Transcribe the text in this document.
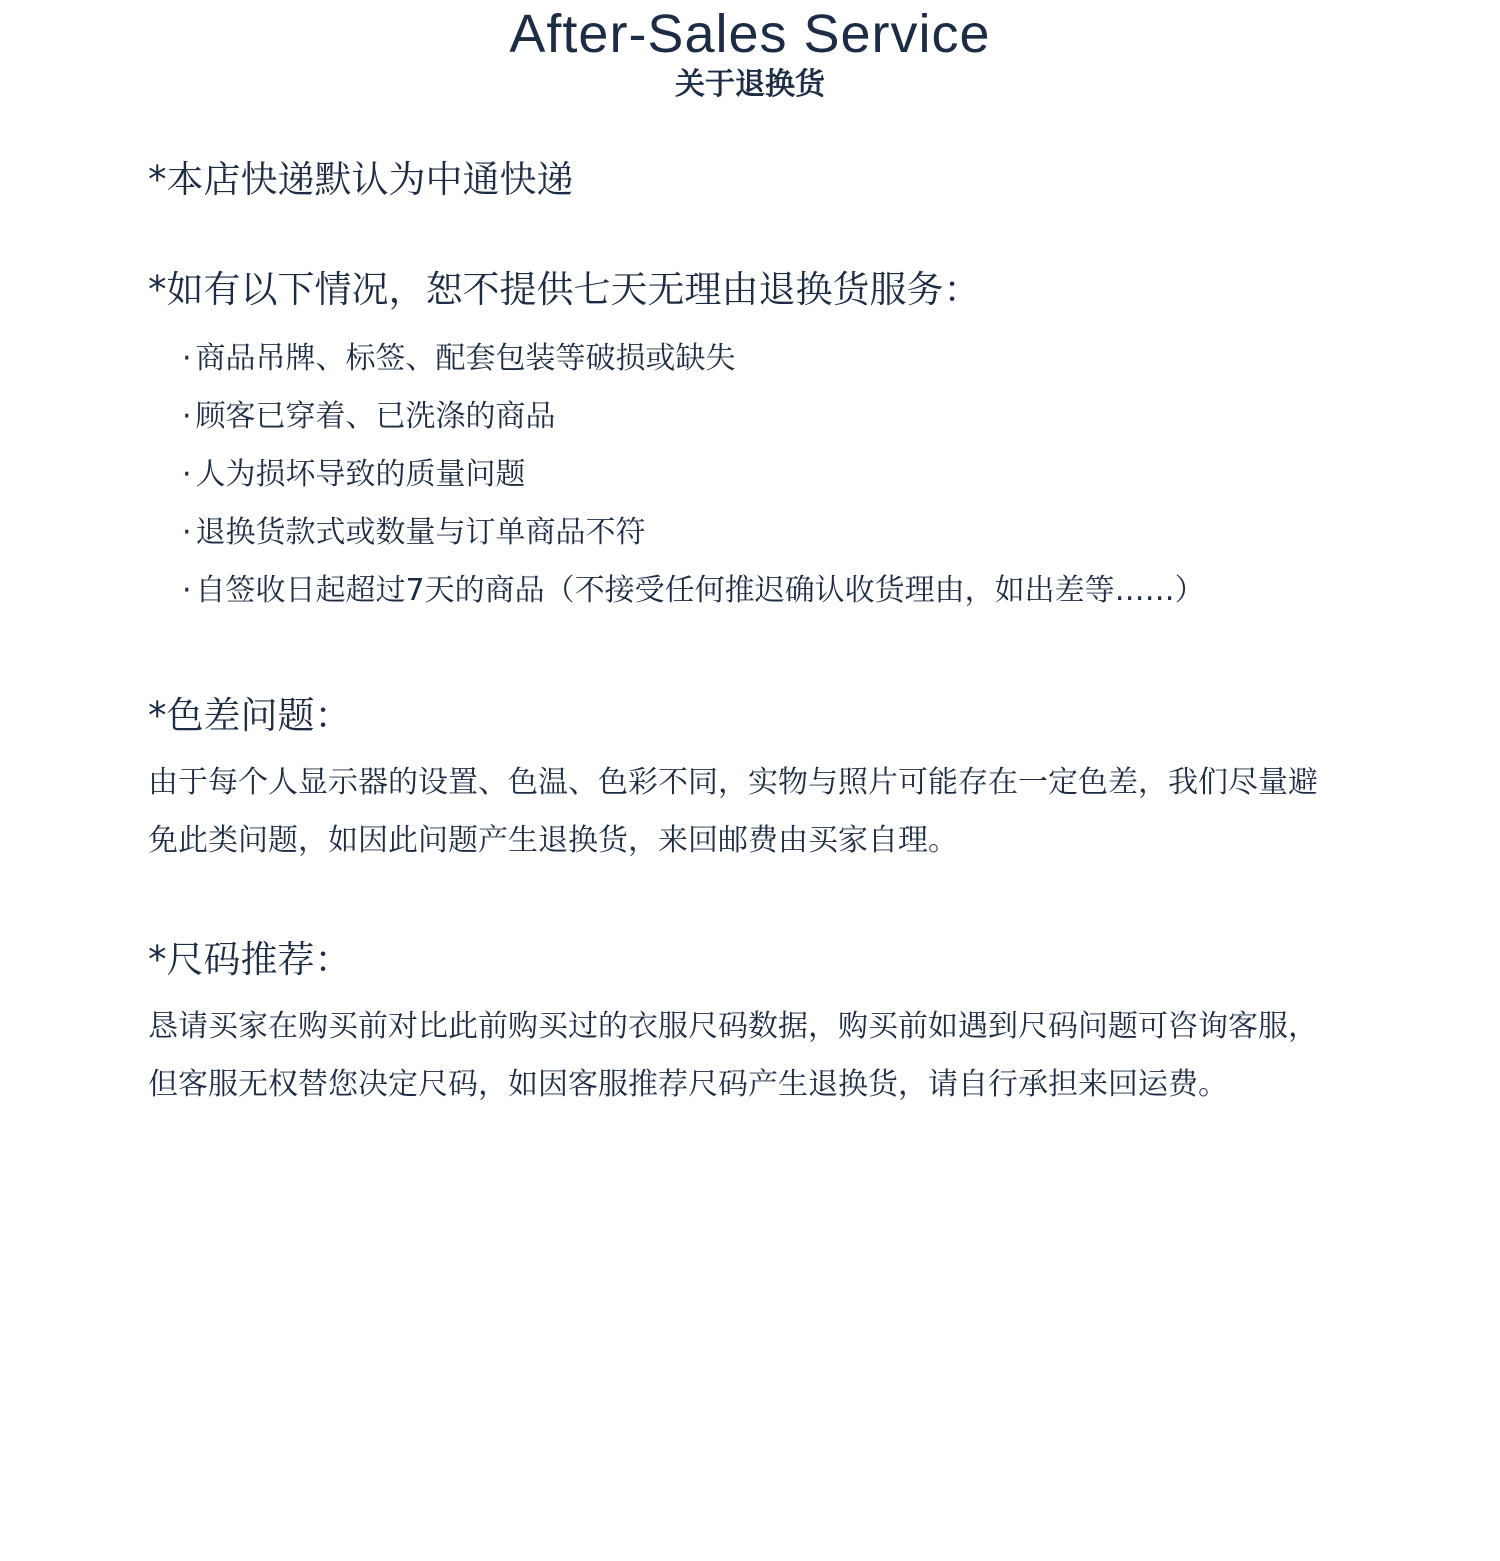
After-Sales Service
关于退换货
*本店快递默认为中通快递
*如有以下情况，恕不提供七天无理由退换货服务：
· 商品吊牌、标签、配套包装等破损或缺失
· 顾客已穿着、已洗涤的商品
· 人为损坏导致的质量问题
· 退换货款式或数量与订单商品不符
· 自签收日起超过7天的商品（不接受任何推迟确认收货理由，如出差等……）
*色差问题：
由于每个人显示器的设置、色温、色彩不同，实物与照片可能存在一定色差，我们尽量避免此类问题，如因此问题产生退换货，来回邮费由买家自理。
*尺码推荐：
恳请买家在购买前对比此前购买过的衣服尺码数据，购买前如遇到尺码问题可咨询客服，但客服无权替您决定尺码，如因客服推荐尺码产生退换货，请自行承担来回运费。
